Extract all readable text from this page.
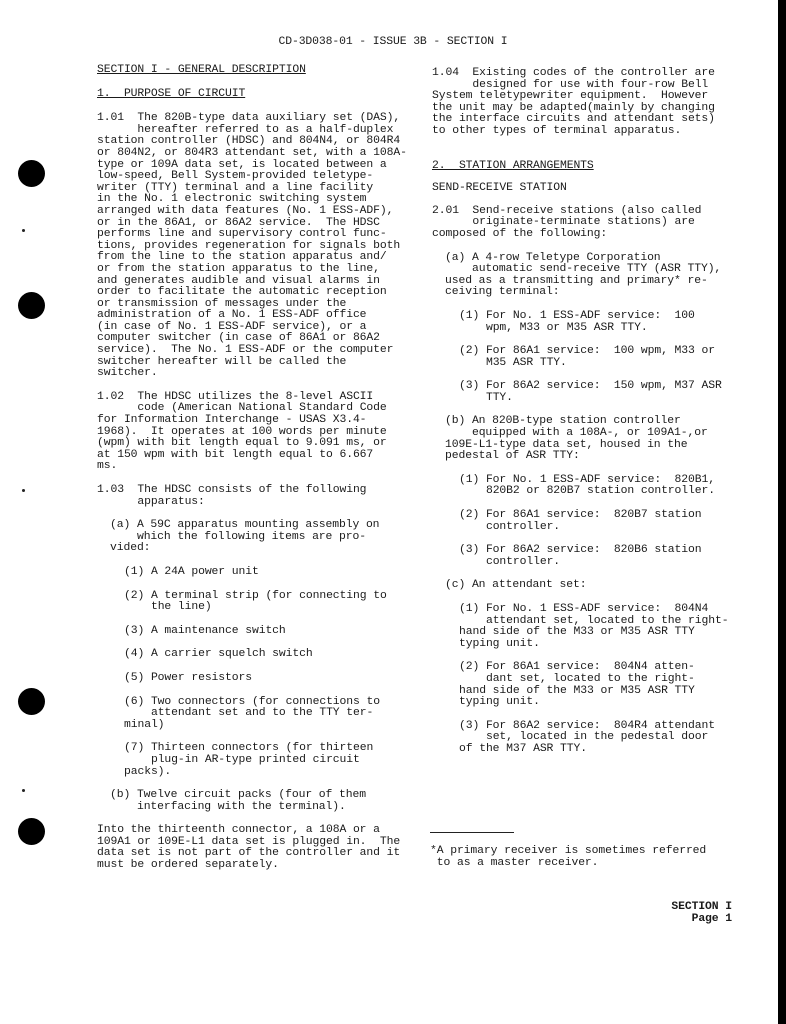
CD-3D038-01 - ISSUE 3B - SECTION I

SECTION I - GENERAL DESCRIPTION

1.  PURPOSE OF CIRCUIT

1.01  The 820B-type data auxiliary set (DAS),
hereafter referred to as a half-duplex
station controller (HDSC) and 804N4, or 804R4
or 804N2, or 804R3 attendant set, with a 108A-
type or 109A data set, is located between a
low-speed, Bell System-provided teletype-
writer (TTY) terminal and a line facility
in the No. 1 electronic switching system
arranged with data features (No. 1 ESS-ADF),
or in the 86A1, or 86A2 service.  The HDSC
performs line and supervisory control func-
tions, provides regeneration for signals both
from the line to the station apparatus and/
or from the station apparatus to the line,
and generates audible and visual alarms in
order to facilitate the automatic reception
or transmission of messages under the
administration of a No. 1 ESS-ADF office
(in case of No. 1 ESS-ADF service), or a
computer switcher (in case of 86A1 or 86A2
service).  The No. 1 ESS-ADF or the computer
switcher hereafter will be called the
switcher.

1.02  The HDSC utilizes the 8-level ASCII
code (American National Standard Code
for Information Interchange - USAS X3.4-
1968).  It operates at 100 words per minute
(wpm) with bit length equal to 9.091 ms, or
at 150 wpm with bit length equal to 6.667
ms.

1.03  The HDSC consists of the following
apparatus:

(a) A 59C apparatus mounting assembly on
which the following items are pro-
vided:

(1) A 24A power unit

(2) A terminal strip (for connecting to
the line)

(3) A maintenance switch

(4) A carrier squelch switch

(5) Power resistors

(6) Two connectors (for connections to
attendant set and to the TTY ter-
minal)

(7) Thirteen connectors (for thirteen
plug-in AR-type printed circuit
packs).

(b) Twelve circuit packs (four of them
interfacing with the terminal).

Into the thirteenth connector, a 108A or a
109A1 or 109E-L1 data set is plugged in.  The
data set is not part of the controller and it
must be ordered separately.

1.04  Existing codes of the controller are
designed for use with four-row Bell
System teletypewriter equipment.  However
the unit may be adapted(mainly by changing
the interface circuits and attendant sets)
to other types of terminal apparatus.

2.  STATION ARRANGEMENTS

SEND-RECEIVE STATION

2.01  Send-receive stations (also called
originate-terminate stations) are
composed of the following:

(a) A 4-row Teletype Corporation
automatic send-receive TTY (ASR TTY),
used as a transmitting and primary* re-
ceiving terminal:

(1) For No. 1 ESS-ADF service:  100
wpm, M33 or M35 ASR TTY.

(2) For 86A1 service:  100 wpm, M33 or
M35 ASR TTY.

(3) For 86A2 service:  150 wpm, M37 ASR
TTY.

(b) An 820B-type station controller
equipped with a 108A-, or 109A1-,or
109E-L1-type data set, housed in the
pedestal of ASR TTY:

(1) For No. 1 ESS-ADF service:  820B1,
820B2 or 820B7 station controller.

(2) For 86A1 service:  820B7 station
controller.

(3) For 86A2 service:  820B6 station
controller.

(c) An attendant set:

(1) For No. 1 ESS-ADF service:  804N4
attendant set, located to the right-
hand side of the M33 or M35 ASR TTY
typing unit.

(2) For 86A1 service:  804N4 atten-
dant set, located to the right-
hand side of the M33 or M35 ASR TTY
typing unit.

(3) For 86A2 service:  804R4 attendant
set, located in the pedestal door
of the M37 ASR TTY.

*A primary receiver is sometimes referred
to as a master receiver.
SECTION I
Page 1
